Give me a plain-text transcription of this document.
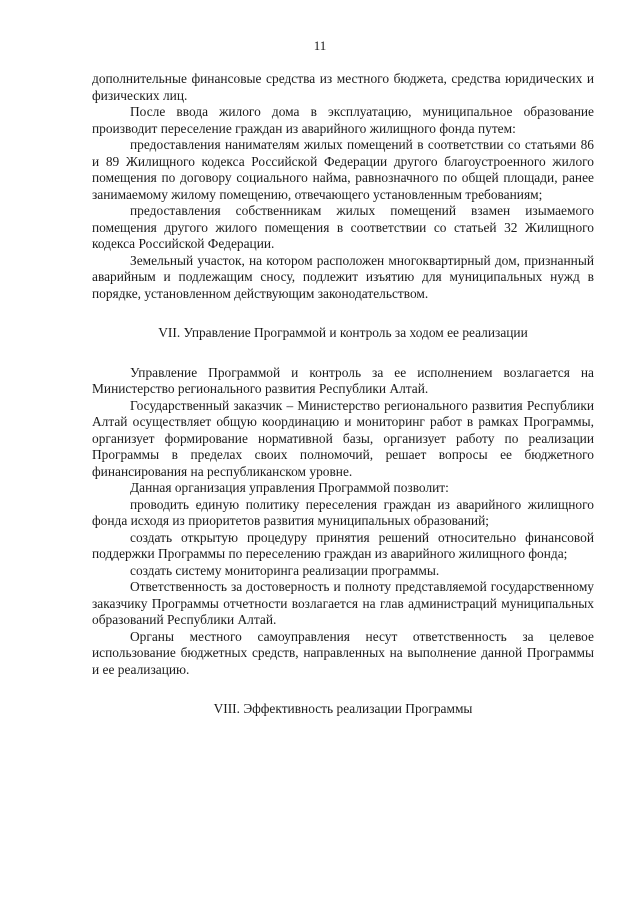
11

дополнительные финансовые средства из местного бюджета, средства юридических и физических лиц.

После ввода жилого дома в эксплуатацию, муниципальное образование производит переселение граждан из аварийного жилищного фонда путем:

предоставления нанимателям жилых помещений в соответствии со статьями 86 и 89 Жилищного кодекса Российской Федерации другого благоустроенного жилого помещения по договору социального найма, равнозначного по общей площади, ранее занимаемому жилому помещению, отвечающего установленным требованиям;

предоставления собственникам жилых помещений взамен изымаемого помещения другого жилого помещения в соответствии со статьей 32 Жилищного кодекса Российской Федерации.

Земельный участок, на котором расположен многоквартирный дом, признанный аварийным и подлежащим сносу, подлежит изъятию для муниципальных нужд в порядке, установленном действующим законодательством.

VII. Управление Программой и контроль за ходом ее реализации

Управление Программой и контроль за ее исполнением возлагается на Министерство регионального развития Республики Алтай.

Государственный заказчик – Министерство регионального развития Республики Алтай осуществляет общую координацию и мониторинг работ в рамках Программы, организует формирование нормативной базы, организует работу по реализации Программы в пределах своих полномочий, решает вопросы ее бюджетного финансирования на республиканском уровне.

Данная организация управления Программой позволит:

проводить единую политику переселения граждан из аварийного жилищного фонда исходя из приоритетов развития муниципальных образований;

создать открытую процедуру принятия решений относительно финансовой поддержки Программы по переселению граждан из аварийного жилищного фонда;

создать систему мониторинга реализации программы.

Ответственность за достоверность и полноту представляемой государственному заказчику Программы отчетности возлагается на глав администраций муниципальных образований Республики Алтай.

Органы местного самоуправления несут ответственность за целевое использование бюджетных средств, направленных на выполнение данной Программы и ее реализацию.

VIII. Эффективность реализации Программы
